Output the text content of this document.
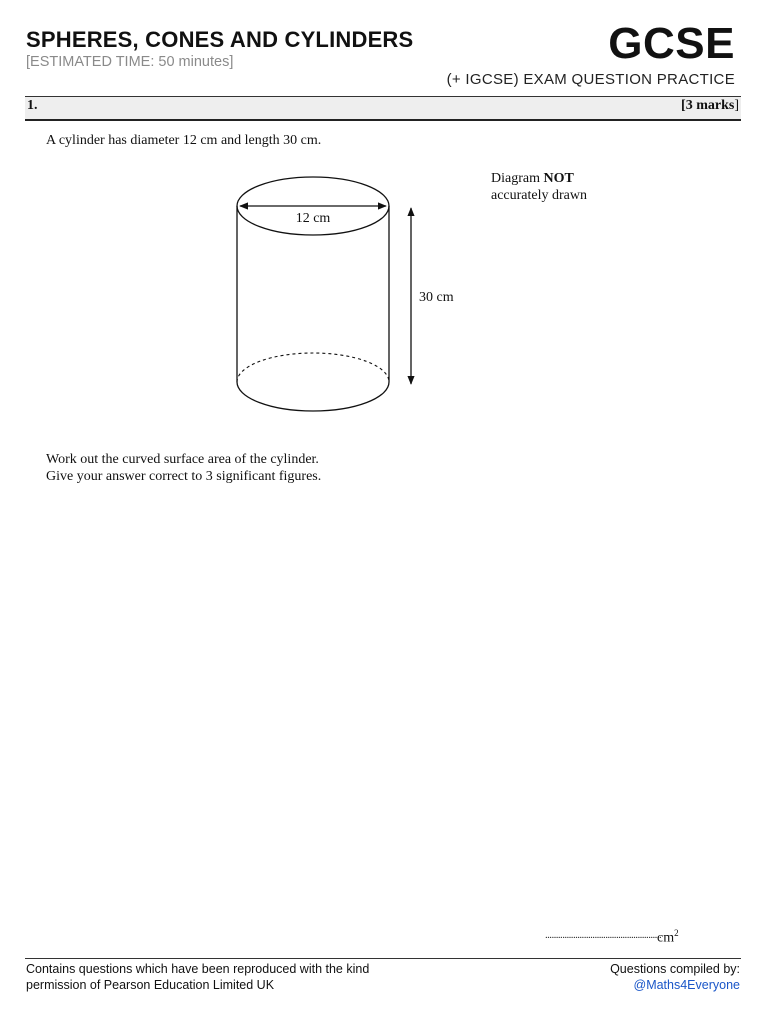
SPHERES, CONES AND CYLINDERS
[ESTIMATED TIME: 50 minutes]	GCSE
(+ IGCSE) EXAM QUESTION PRACTICE
1.	[3 marks]
A cylinder has diameter 12 cm and length 30 cm.
Diagram NOT
accurately drawn
12 cm
30 cm
Work out the curved surface area of the cylinder.
Give your answer correct to 3 significant figures.
......................................................
$cm^2$
Contains questions which have been reproduced with the kind
permission of Pearson Education Limited UK
Questions compiled by:
@Maths4Everyone
